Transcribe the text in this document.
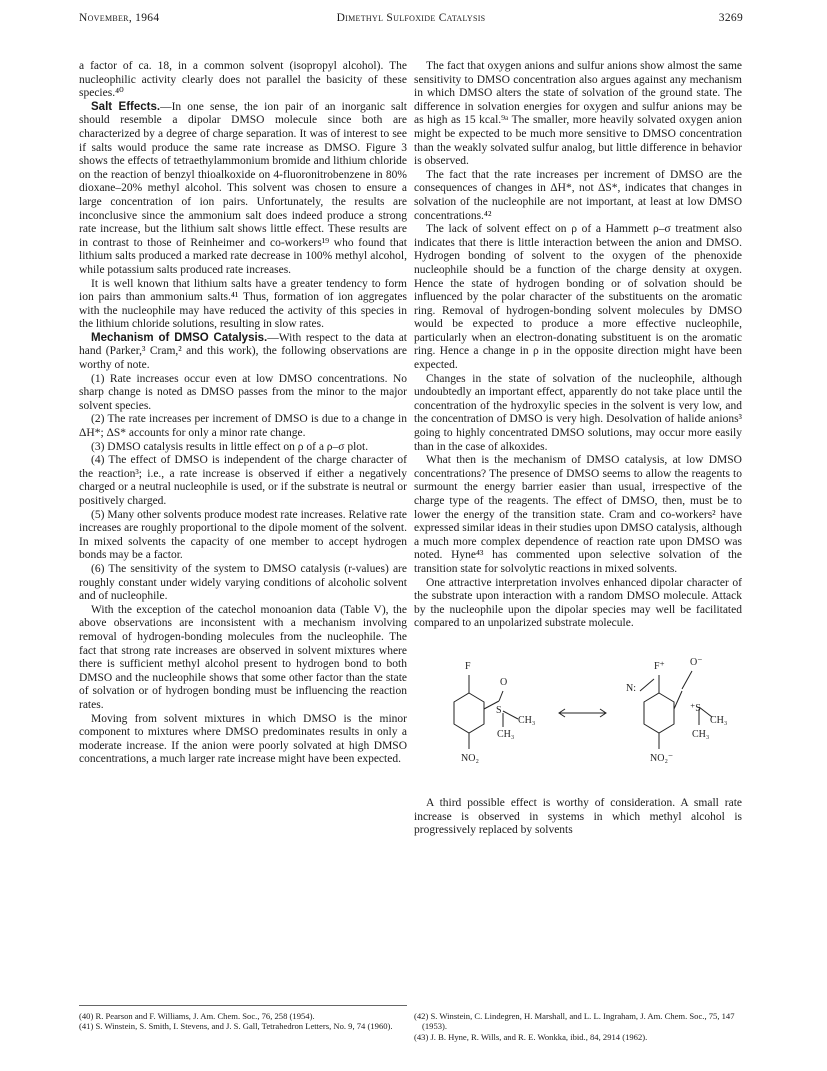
November, 1964	Dimethyl Sulfoxide Catalysis	3269

a factor of ca. 18, in a common solvent (isopropyl alcohol). The nucleophilic activity clearly does not parallel the basicity of these species.⁴⁰

Salt Effects.—In one sense, the ion pair of an inorganic salt should resemble a dipolar DMSO molecule since both are characterized by a degree of charge separation. It was of interest to see if salts would produce the same rate increase as DMSO. Figure 3 shows the effects of tetraethylammonium bromide and lithium chloride on the reaction of benzyl thioalkoxide on 4-fluoronitrobenzene in 80% dioxane–20% methyl alcohol. This solvent was chosen to ensure a large concentration of ion pairs. Unfortunately, the results are inconclusive since the ammonium salt does indeed produce a strong rate increase, but the lithium salt shows little effect. These results are in contrast to those of Reinheimer and co-workers¹⁹ who found that lithium salts produced a marked rate decrease in 100% methyl alcohol, while potassium salts produced rate increases.

It is well known that lithium salts have a greater tendency to form ion pairs than ammonium salts.⁴¹ Thus, formation of ion aggregates with the nucleophile may have reduced the activity of this species in the lithium chloride solutions, resulting in slow rates.

Mechanism of DMSO Catalysis.—With respect to the data at hand (Parker,³ Cram,² and this work), the following observations are worthy of note.

(1) Rate increases occur even at low DMSO concentrations. No sharp change is noted as DMSO passes from the minor to the major solvent species.

(2) The rate increases per increment of DMSO is due to a change in ΔH*; ΔS* accounts for only a minor rate change.

(3) DMSO catalysis results in little effect on ρ of a ρ–σ plot.

(4) The effect of DMSO is independent of the charge character of the reaction³; i.e., a rate increase is observed if either a negatively charged or a neutral nucleophile is used, or if the substrate is neutral or positively charged.

(5) Many other solvents produce modest rate increases. Relative rate increases are roughly proportional to the dipole moment of the solvent. In mixed solvents the capacity of one member to accept hydrogen bonds may be a factor.

(6) The sensitivity of the system to DMSO catalysis (r-values) are roughly constant under widely varying conditions of alcoholic solvent and of nucleophile.

With the exception of the catechol monoanion data (Table V), the above observations are inconsistent with a mechanism involving removal of hydrogen-bonding molecules from the nucleophile. The fact that strong rate increases are observed in solvent mixtures where there is sufficient methyl alcohol present to hydrogen bond to both DMSO and the nucleophile shows that some other factor than the state of solvation or of hydrogen bonding must be influencing the reaction rates.

Moving from solvent mixtures in which DMSO is the minor component to mixtures where DMSO predominates results in only a moderate increase. If the anion were poorly solvated at high DMSO concentrations, a much larger rate increase might have been expected.

The fact that oxygen anions and sulfur anions show almost the same sensitivity to DMSO concentration also argues against any mechanism in which DMSO alters the state of solvation of the ground state. The difference in solvation energies for oxygen and sulfur anions may be as high as 15 kcal.⁹ᵃ The smaller, more heavily solvated oxygen anion might be expected to be much more sensitive to DMSO concentration than the weakly solvated sulfur analog, but little difference in behavior is observed.

The fact that the rate increases per increment of DMSO are the consequences of changes in ΔH*, not ΔS*, indicates that changes in solvation of the nucleophile are not important, at least at low DMSO concentrations.⁴²

The lack of solvent effect on ρ of a Hammett ρ–σ treatment also indicates that there is little interaction between the anion and DMSO. Hydrogen bonding of solvent to the oxygen of the phenoxide nucleophile should be a function of the charge density at oxygen. Hence the state of hydrogen bonding or of solvation should be influenced by the polar character of the substituents on the aromatic ring. Removal of hydrogen-bonding solvent molecules by DMSO would be expected to produce a more effective nucleophile, particularly when an electron-donating substituent is on the aromatic ring. Hence a change in ρ in the opposite direction might have been expected.

Changes in the state of solvation of the nucleophile, although undoubtedly an important effect, apparently do not take place until the concentration of the hydroxylic species in the solvent is very low, and the concentration of DMSO is very high. Desolvation of halide anions³ going to highly concentrated DMSO solutions, may occur more easily than in the case of alkoxides.

What then is the mechanism of DMSO catalysis, at low DMSO concentrations? The presence of DMSO seems to allow the reagents to surmount the energy barrier easier than usual, irrespective of the charge type of the reagents. The effect of DMSO, then, must be to lower the energy of the transition state. Cram and co-workers² have expressed similar ideas in their studies upon DMSO catalysis, although a much more complex dependence of reaction rate upon DMSO was noted. Hyne⁴³ has commented upon selective solvation of the transition state for solvolytic reactions in mixed solvents.

One attractive interpretation involves enhanced dipolar character of the substrate upon interaction with a random DMSO molecule. Attack by the nucleophile upon the dipolar species may well be facilitated compared to an unpolarized substrate molecule.

F
O
S
CH₃
CH₃
NO₂
F⁺
N:
O⁻
⁺S
CH₃
CH₃
NO₂⁻

A third possible effect is worthy of consideration. A small rate increase is observed in systems in which methyl alcohol is progressively replaced by solvents

(40) R. Pearson and F. Williams, J. Am. Chem. Soc., 76, 258 (1954).
(41) S. Winstein, S. Smith, I. Stevens, and J. S. Gall, Tetrahedron Letters, No. 9, 74 (1960).
(42) S. Winstein, C. Lindegren, H. Marshall, and L. L. Ingraham, J. Am. Chem. Soc., 75, 147 (1953).
(43) J. B. Hyne, R. Wills, and R. E. Wonkka, ibid., 84, 2914 (1962).
